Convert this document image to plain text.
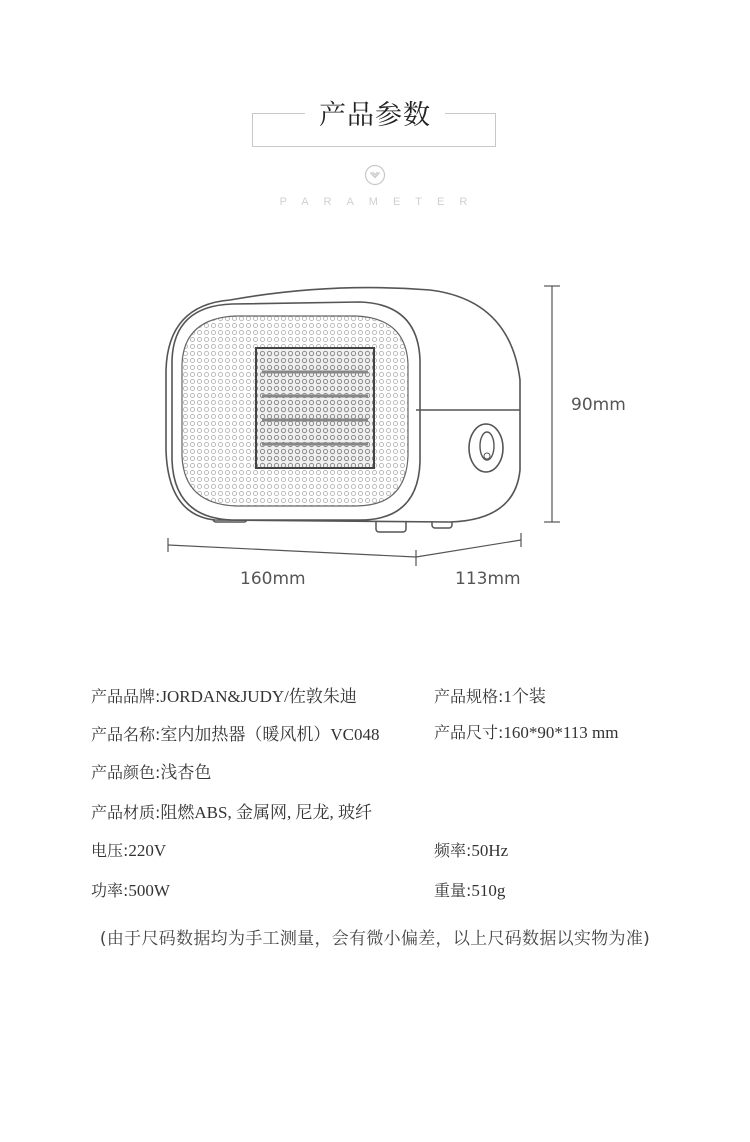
产品参数
PARAMETER
90mm
160mm	113mm
产品品牌:JORDAN&JUDY/佐敦朱迪	产品规格:1个装
产品名称:室内加热器（暖风机）VC048	产品尺寸:160*90*113 mm
产品颜色:浅杏色
产品材质:阻燃ABS, 金属网, 尼龙, 玻纤
电压:220V	频率:50Hz
功率:500W	重量:510g
(由于尺码数据均为手工测量，会有微小偏差，以上尺码数据以实物为准)
